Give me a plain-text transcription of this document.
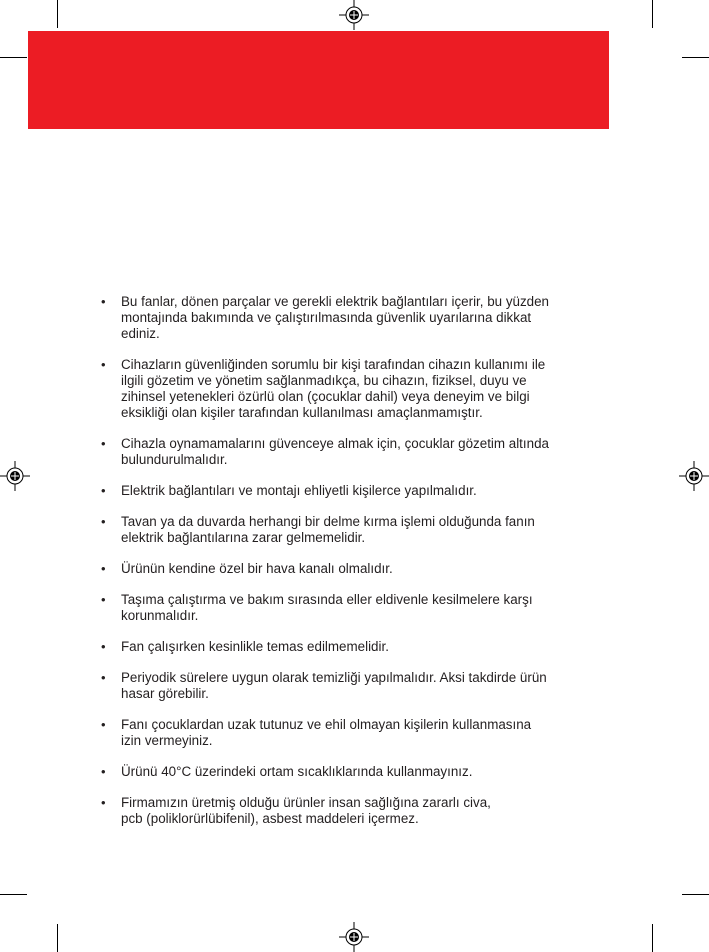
• Bu fanlar, dönen parçalar ve gerekli elektrik bağlantıları içerir, bu yüzden
montajında bakımında ve çalıştırılmasında güvenlik uyarılarına dikkat
ediniz.
• Cihazların güvenliğinden sorumlu bir kişi tarafından cihazın kullanımı ile
ilgili gözetim ve yönetim sağlanmadıkça, bu cihazın, fiziksel, duyu ve
zihinsel yetenekleri özürlü olan (çocuklar dahil) veya deneyim ve bilgi
eksikliği olan kişiler tarafından kullanılması amaçlanmamıştır.
• Cihazla oynamamalarını güvenceye almak için, çocuklar gözetim altında
bulundurulmalıdır.
• Elektrik bağlantıları ve montajı ehliyetli kişilerce yapılmalıdır.
• Tavan ya da duvarda herhangi bir delme kırma işlemi olduğunda fanın
elektrik bağlantılarına zarar gelmemelidir.
• Ürünün kendine özel bir hava kanalı olmalıdır.
• Taşıma çalıştırma ve bakım sırasında eller eldivenle kesilmelere karşı
korunmalıdır.
• Fan çalışırken kesinlikle temas edilmemelidir.
• Periyodik sürelere uygun olarak temizliği yapılmalıdır. Aksi takdirde ürün
hasar görebilir.
• Fanı çocuklardan uzak tutunuz ve ehil olmayan kişilerin kullanmasına
izin vermeyiniz.
• Ürünü 40°C üzerindeki ortam sıcaklıklarında kullanmayınız.
• Firmamızın üretmiş olduğu ürünler insan sağlığına zararlı civa,
pcb (poliklorürlübifenil), asbest maddeleri içermez.
